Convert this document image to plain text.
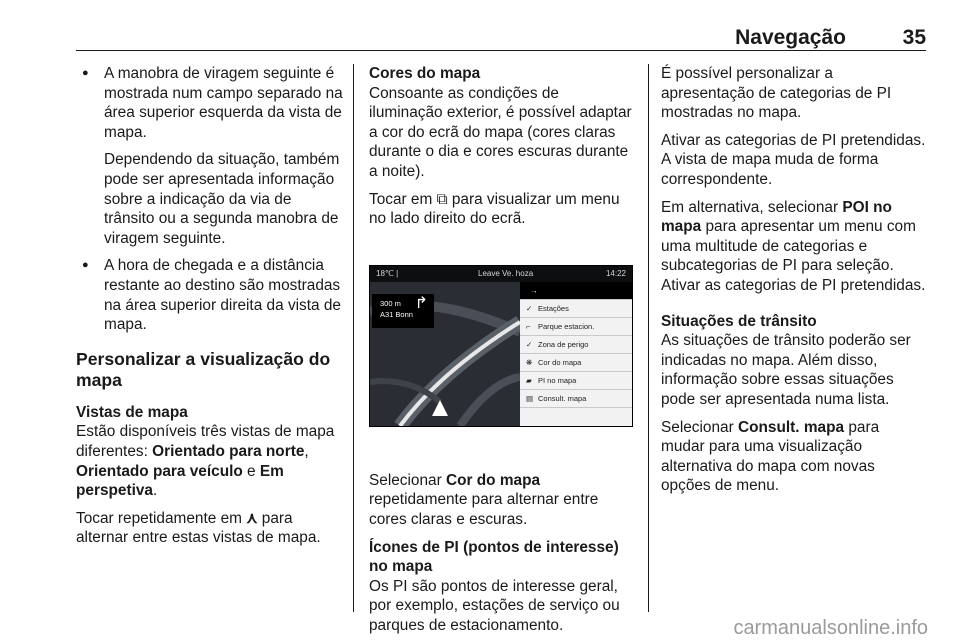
Navegação	35
● A manobra de viragem seguinte é mostrada num campo separado na área superior esquerda da vista de mapa.

Dependendo da situação, também pode ser apresentada informação sobre a indicação da via de trânsito ou a segunda manobra de viragem seguinte.

● A hora de chegada e a distância restante ao destino são mostradas na área superior direita da vista de mapa.
Personalizar a visualização do mapa

Vistas de mapa

Estão disponíveis três vistas de mapa diferentes: Orientado para norte, Orientado para veículo e Em perspetiva.

Tocar repetidamente em ⋏ para alternar entre estas vistas de mapa.

Cores do mapa

Consoante as condições de iluminação exterior, é possível adaptar a cor do ecrã do mapa (cores claras durante o dia e cores escuras durante a noite).

Tocar em ⧉ para visualizar um menu no lado direito do ecrã.

18℃ |	Leave Ve. hoza	14:22
300 m
A31 Bonn
↱
→
✓ Estações
⌐ Parque estacion.
✓ Zona de perigo
❋ Cor do mapa
▰ PI no mapa
▤ Consult. mapa

Selecionar Cor do mapa repetidamente para alternar entre cores claras e escuras.

Ícones de PI (pontos de interesse) no mapa

Os PI são pontos de interesse geral, por exemplo, estações de serviço ou parques de estacionamento.

É possível personalizar a apresentação de categorias de PI mostradas no mapa.

Ativar as categorias de PI pretendidas. A vista de mapa muda de forma correspondente.

Em alternativa, selecionar POI no mapa para apresentar um menu com uma multitude de categorias e subcategorias de PI para seleção. Ativar as categorias de PI pretendidas.

Situações de trânsito

As situações de trânsito poderão ser indicadas no mapa. Além disso, informação sobre essas situações pode ser apresentada numa lista.

Selecionar Consult. mapa para mudar para uma visualização alternativa do mapa com novas opções de menu.

carmanualsonline.info
